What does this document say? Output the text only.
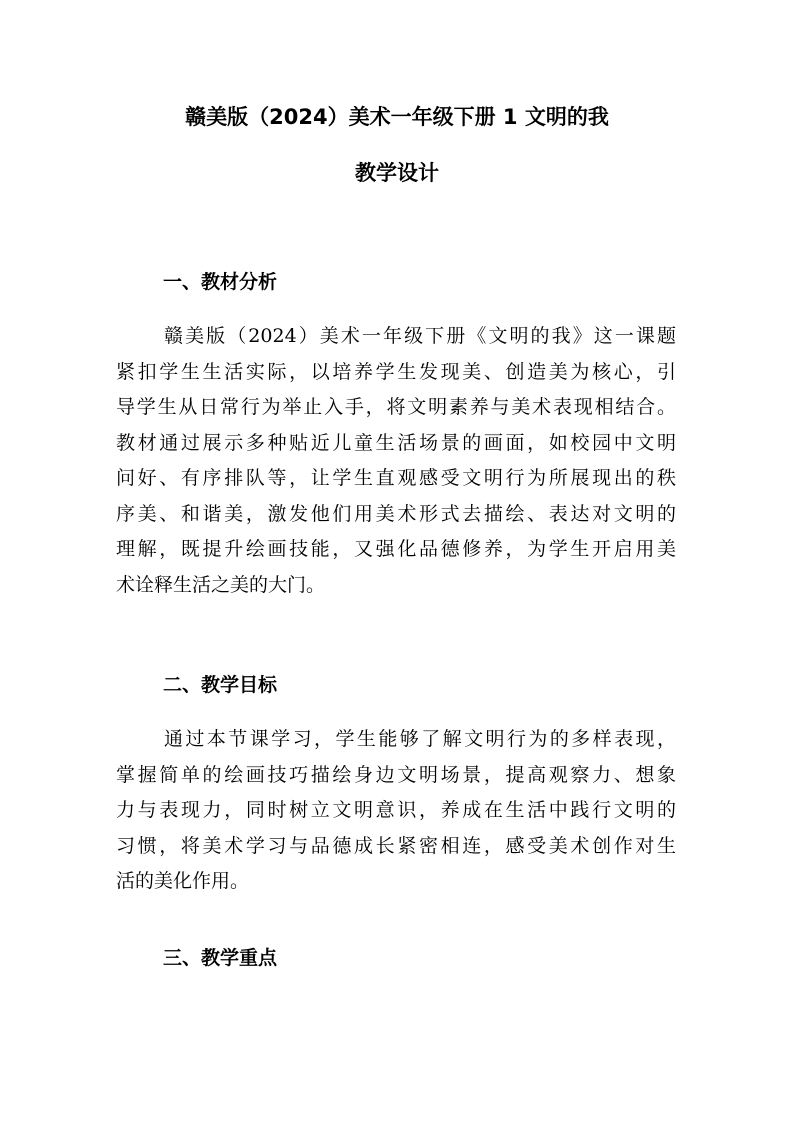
赣美版（2024）美术一年级下册 1 文明的我
教学设计
一、教材分析
赣美版（2024）美术一年级下册《文明的我》这一课题
紧扣学生生活实际，以培养学生发现美、创造美为核心，引
导学生从日常行为举止入手，将文明素养与美术表现相结合。
教材通过展示多种贴近儿童生活场景的画面，如校园中文明
问好、有序排队等，让学生直观感受文明行为所展现出的秩
序美、和谐美，激发他们用美术形式去描绘、表达对文明的
理解，既提升绘画技能，又强化品德修养，为学生开启用美
术诠释生活之美的大门。
二、教学目标
通过本节课学习，学生能够了解文明行为的多样表现，
掌握简单的绘画技巧描绘身边文明场景，提高观察力、想象
力与表现力，同时树立文明意识，养成在生活中践行文明的
习惯，将美术学习与品德成长紧密相连，感受美术创作对生
活的美化作用。
三、教学重点
